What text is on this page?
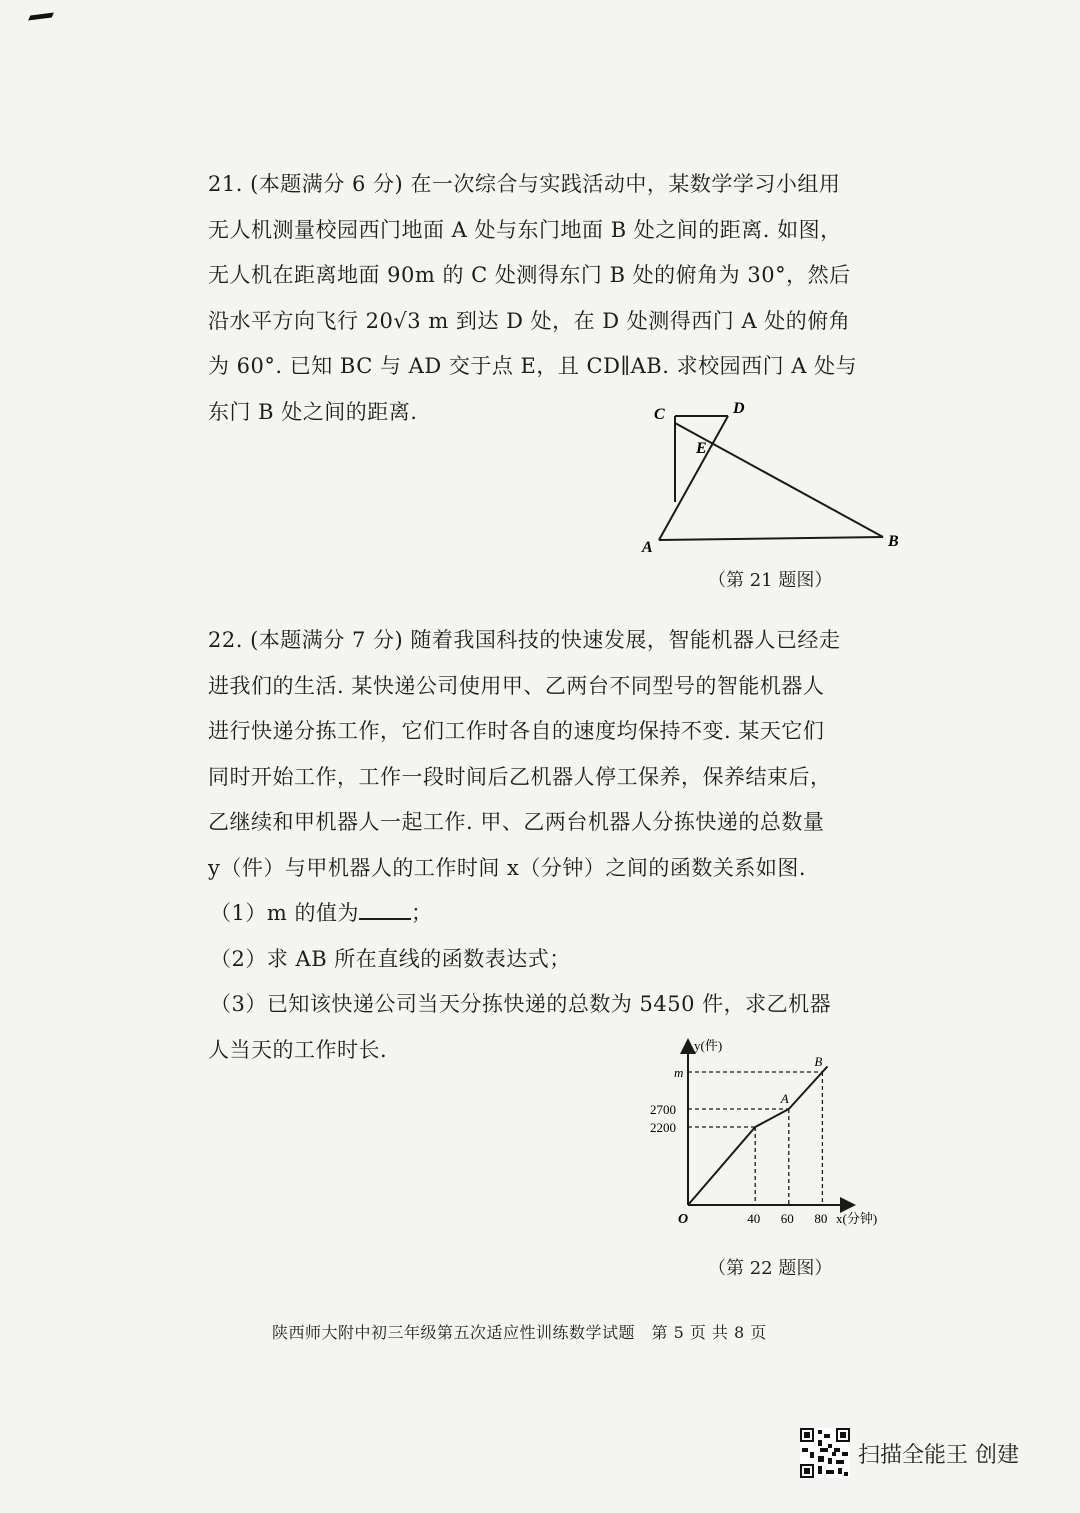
21. (本题满分 6 分) 在一次综合与实践活动中，某数学学习小组用
无人机测量校园西门地面 A 处与东门地面 B 处之间的距离. 如图，
无人机在距离地面 90m 的 C 处测得东门 B 处的俯角为 30°，然后
沿水平方向飞行 20√3 m 到达 D 处，在 D 处测得西门 A 处的俯角
为 60°. 已知 BC 与 AD 交于点 E，且 CD∥AB. 求校园西门 A 处与
东门 B 处之间的距离.	C	D
E
A	B
（第 21 题图）
22. (本题满分 7 分) 随着我国科技的快速发展，智能机器人已经走
进我们的生活. 某快递公司使用甲、乙两台不同型号的智能机器人
进行快递分拣工作，它们工作时各自的速度均保持不变. 某天它们
同时开始工作，工作一段时间后乙机器人停工保养，保养结束后，
乙继续和甲机器人一起工作. 甲、乙两台机器人分拣快递的总数量
y（件）与甲机器人的工作时间 x（分钟）之间的函数关系如图.
（1）m 的值为 ；
（2）求 AB 所在直线的函数表达式；
（3）已知该快递公司当天分拣快递的总数为 5450 件，求乙机器
人当天的工作时长.
40 60 80
2200
2700
m
O
y(件)
x(分钟)
A
B
（第 22 题图）
陕西师大附中初三年级第五次适应性训练数学试题　第 5 页 共 8 页
扫描全能王 创建
